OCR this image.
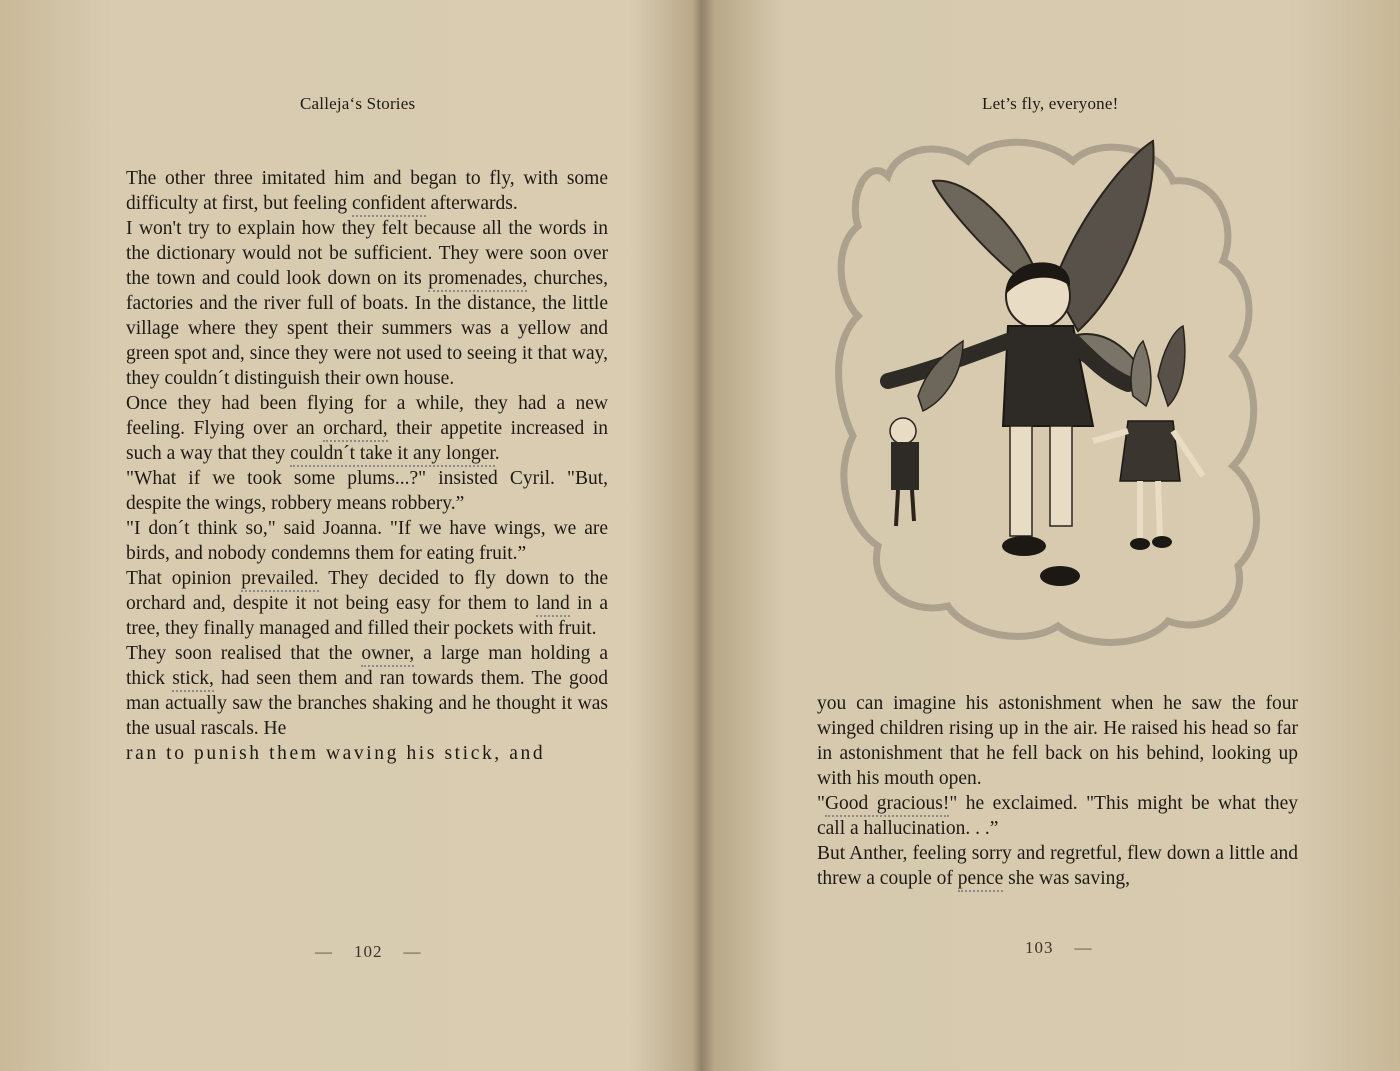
Calleja‘s Stories

The other three imitated him and began to fly, with some difficulty at first, but feeling confident afterwards.

I won't try to explain how they felt because all the words in the dictionary would not be sufficient. They were soon over the town and could look down on its promenades, churches, factories and the river full of boats. In the distance, the little village where they spent their summers was a yellow and green spot and, since they were not used to seeing it that way, they couldn´t distinguish their own house.

Once they had been flying for a while, they had a new feeling. Flying over an orchard, their appetite increased in such a way that they couldn´t take it any longer.

"What if we took some plums...?" insisted Cyril. "But, despite the wings, robbery means robbery.”

"I don´t think so," said Joanna. "If we have wings, we are birds, and nobody condemns them for eating fruit.”

That opinion prevailed. They decided to fly down to the orchard and, despite it not being easy for them to land in a tree, they finally managed and filled their pockets with fruit.

They soon realised that the owner, a large man holding a thick stick, had seen them and ran towards them. The good man actually saw the branches shaking and he thought it was the usual rascals. He

ran to punish them waving his stick, and

— 102 —
Let’s fly, everyone!

you can imagine his astonishment when he saw the four winged children rising up in the air. He raised his head so far in astonishment that he fell back on his behind, looking up with his mouth open.

"Good gracious!" he exclaimed. "This might be what they call a hallucination. . .”

But Anther, feeling sorry and regretful, flew down a little and threw a couple of pence she was saving,

103 —
